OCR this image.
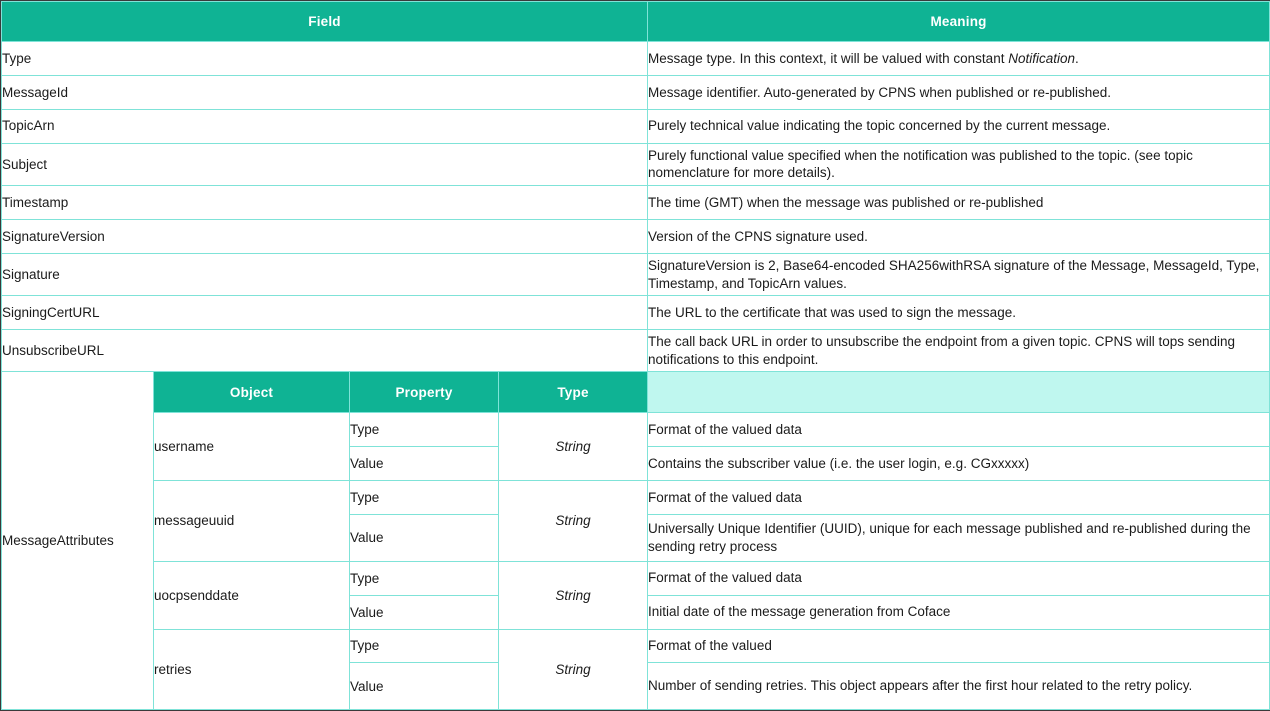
Field				Meaning
Type				Message type. In this context, it will be valued with constant Notification.
MessageId				Message identifier. Auto-generated by CPNS when published or re-published.
TopicArn				Purely technical value indicating the topic concerned by the current message.
Subject				Purely functional value specified when the notification was published to the topic. (see topic nomenclature for more details).
Timestamp				The time (GMT) when the message was published or re-published
SignatureVersion				Version of the CPNS signature used.
Signature				SignatureVersion is 2, Base64-encoded SHA256withRSA signature of the Message, MessageId, Type, Timestamp, and TopicArn values.
SigningCertURL				The URL to the certificate that was used to sign the message.
UnsubscribeURL				The call back URL in order to unsubscribe the endpoint from a given topic. CPNS will tops sending notifications to this endpoint.
MessageAttributes	Object	Property	Type	
	username	Type	String	Format of the valued data
		Value		Contains the subscriber value (i.e. the user login, e.g. CGxxxxx)
	messageuuid	Type	String	Format of the valued data
		Value		Universally Unique Identifier (UUID), unique for each message published and re-published during the sending retry process
	uocpsenddate	Type	String	Format of the valued data
		Value		Initial date of the message generation from Coface
	retries	Type	String	Format of the valued
		Value		Number of sending retries. This object appears after the first hour related to the retry policy.
